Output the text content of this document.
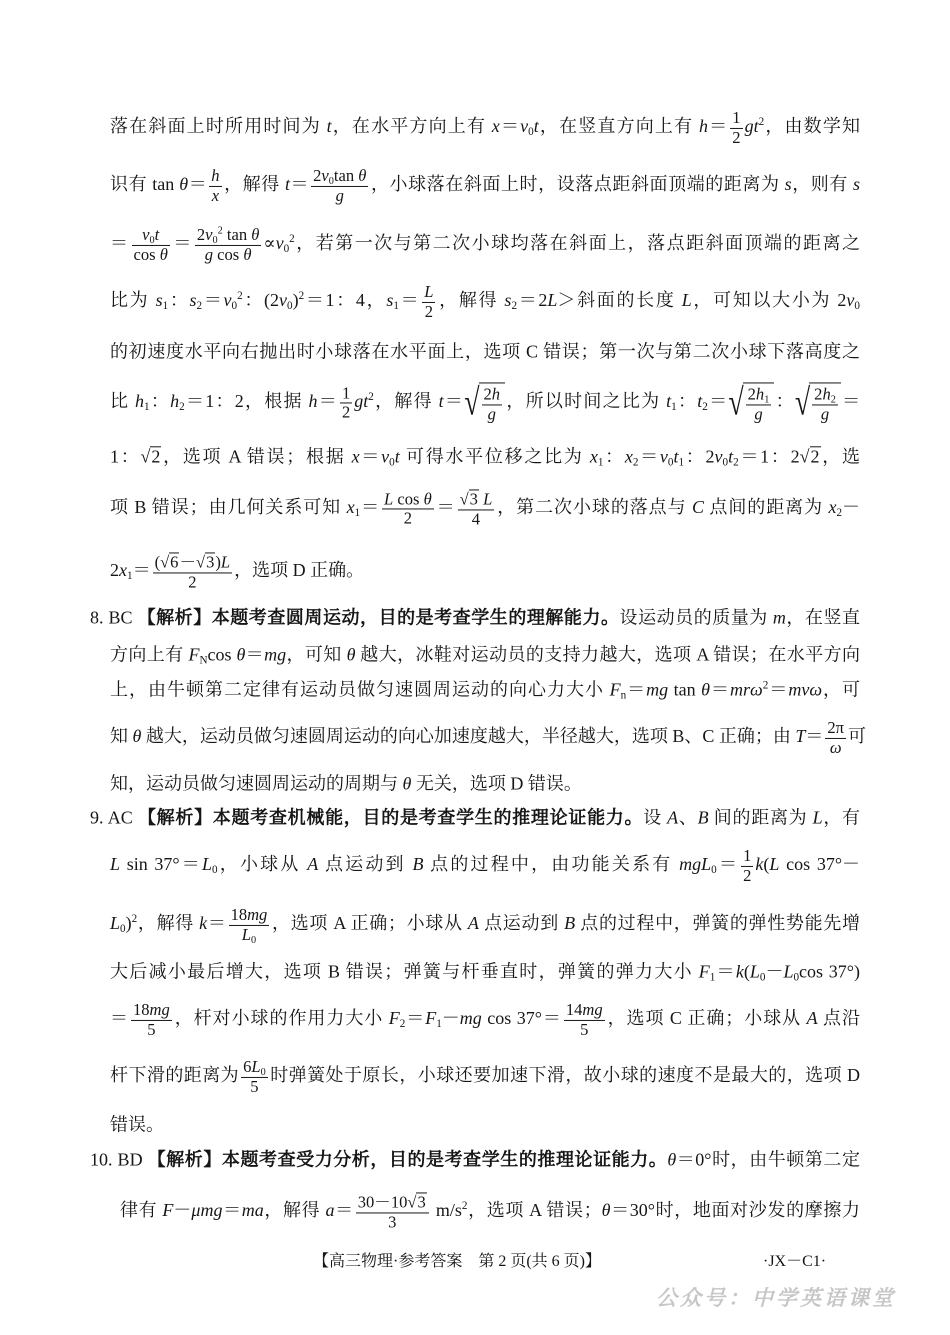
落在斜面上时所用时间为 t，在水平方向上有 $x=v_0t$，在竖直方向上有 $h= \frac{1}{2} gt^2$，由数学知
识有 $\tan \theta= \frac{h}{x}$ ，解得 $t= \frac{2v_0\tan \theta}{g}$ ，小球落在斜面上时，设落点距斜面顶端的距离为 s，则有 s
＝ $\frac{v_0t}{\text{cos θ}} = \frac{2v_0^2 \tan \theta}{\text{g cos θ}} \propto v_0^2$，若第一次与第二次小球均落在斜面上，落点距斜面顶端的距离之
比为 $s_1$：$s_2=v_0^2$：$(2v_0)^2=1$：4，$s_1= \frac{L}{2}$ ，解得 $s_2=2L>$斜面的长度 L，可知以大小为 $2v_0$
的初速度水平向右抛出时小球落在水平面上，选项 C 错误；第一次与第二次小球下落高度之
比 $h_1$：$h_2=1$：2，根据 $h= \frac{1}{2} gt^2$，解得 $t=√ \frac{2h}{g}$ ，所以时间之比为 $t_1$：$t_2=√ \frac{2h_1}{g}$ ：√ $\frac{2h_2}{g}$ ＝
1：√2，选项 A 错误；根据 $x=v_0t$ 可得水平位移之比为 $x_1$：$x_2=v_0t_1$：$2v_0t_2=1$：2√2，选
项 B 错误；由几何关系可知 $x_1= \frac{\text{L cos θ}}{2} = \frac{√3 L}{4}$ ，第二次小球的落点与 C 点间的距离为 $x_2-$
$2x_1= \frac{(√6-√3)L}{2}$ ，选项 D 正确。
8. BC 【解析】本题考查圆周运动，目的是考查学生的理解能力。设运动员的质量为 m，在竖直
方向上有 $F_N\cos$ θ＝mg，可知 θ 越大，冰鞋对运动员的支持力越大，选项 A 错误；在水平方向
上，由牛顿第二定律有运动员做匀速圆周运动的向心力大小 $F_n=mg$ tan θ＝mrω$^2$＝mvω，可
知 θ 越大，运动员做匀速圆周运动的向心加速度越大，半径越大，选项 B、C 正确；由 $T= \frac{2\pi}{\omega}$ 可
知，运动员做匀速圆周运动的周期与 θ 无关，选项 D 错误。
9. AC 【解析】本题考查机械能，目的是考查学生的推理论证能力。设 A、B 间的距离为 L，有
L $\sin 37^\circ=L_0$，小球从 A 点运动到 B 点的过程中，由功能关系有 $mgL_0= \frac{1}{2} k(L$ cos 37°－
$L_0)^2$，解得 $k= \frac{18mg}{L_0}$ ，选项 A 正确；小球从 A 点运动到 B 点的过程中，弹簧的弹性势能先增
大后减小最后增大，选项 B 错误；弹簧与杆垂直时，弹簧的弹力大小 $F_1=k(L_0-L_0\cos$ 37°)
＝ $\frac{18mg}{5}$ ，杆对小球的作用力大小 $F_2=F_1-mg$ $\cos 37^\circ= \frac{14mg}{5}$ ，选项 C 正确；小球从 A 点沿
杆下滑的距离为 $\frac{6L_0}{5}$ 时弹簧处于原长，小球还要加速下滑，故小球的速度不是最大的，选项 D
错误。
10. BD 【解析】本题考查受力分析，目的是考查学生的推理论证能力。θ＝0°时，由牛顿第二定
律有 F－μmg＝ma，解得 $a= \frac{30-10√3}{3} m/s^2$，选项 A 错误；θ＝30°时，地面对沙发的摩擦力
【高三物理·参考答案　第 2 页(共 6 页)】	·JX－C1·
公众号：中学英语课堂
